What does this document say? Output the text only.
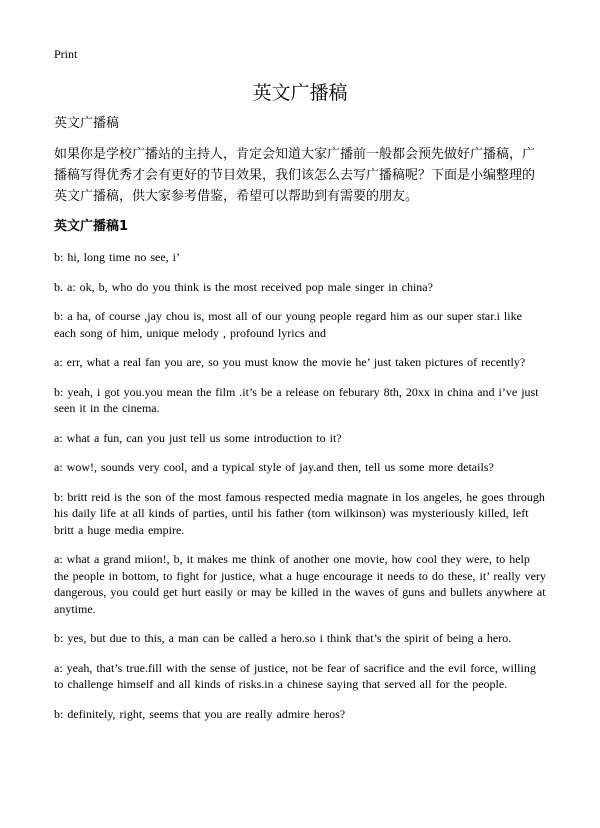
Print
英文广播稿
英文广播稿
如果你是学校广播站的主持人，肯定会知道大家广播前一般都会预先做好广播稿，广播稿写得优秀才会有更好的节目效果，我们该怎么去写广播稿呢？下面是小编整理的英文广播稿，供大家参考借鉴，希望可以帮助到有需要的朋友。
英文广播稿1

b: hi, long time no see, i’

b. a: ok, b, who do you think is the most received pop male singer in china?

b: a ha, of course ,jay chou is, most all of our young people regard him as our super star.i like each song of him, unique melody , profound lyrics and

a: err, what a real fan you are, so you must know the movie he’ just taken pictures of recently?

b: yeah, i got you.you mean the film .it’s be a release on feburary 8th, 20xx in china and i’ve just seen it in the cinema.

a: what a fun, can you just tell us some introduction to it?

a: wow!, sounds very cool, and a typical style of jay.and then, tell us some more details?

b: britt reid is the son of the most famous respected media magnate in los angeles, he goes through his daily life at all kinds of parties, until his father (tom wilkinson) was mysteriously killed, left britt a huge media empire.

a: what a grand miion!, b, it makes me think of another one movie, how cool they were, to help the people in bottom, to fight for justice, what a huge encourage it needs to do these, it’ really very dangerous, you could get hurt easily or may be killed in the waves of guns and bullets anywhere at anytime.

b: yes, but due to this, a man can be called a hero.so i think that’s the spirit of being a hero.

a: yeah, that’s true.fill with the sense of justice, not be fear of sacrifice and the evil force, willing to challenge himself and all kinds of risks.in a chinese saying that served all for the people.

b: definitely, right, seems that you are really admire heros?
